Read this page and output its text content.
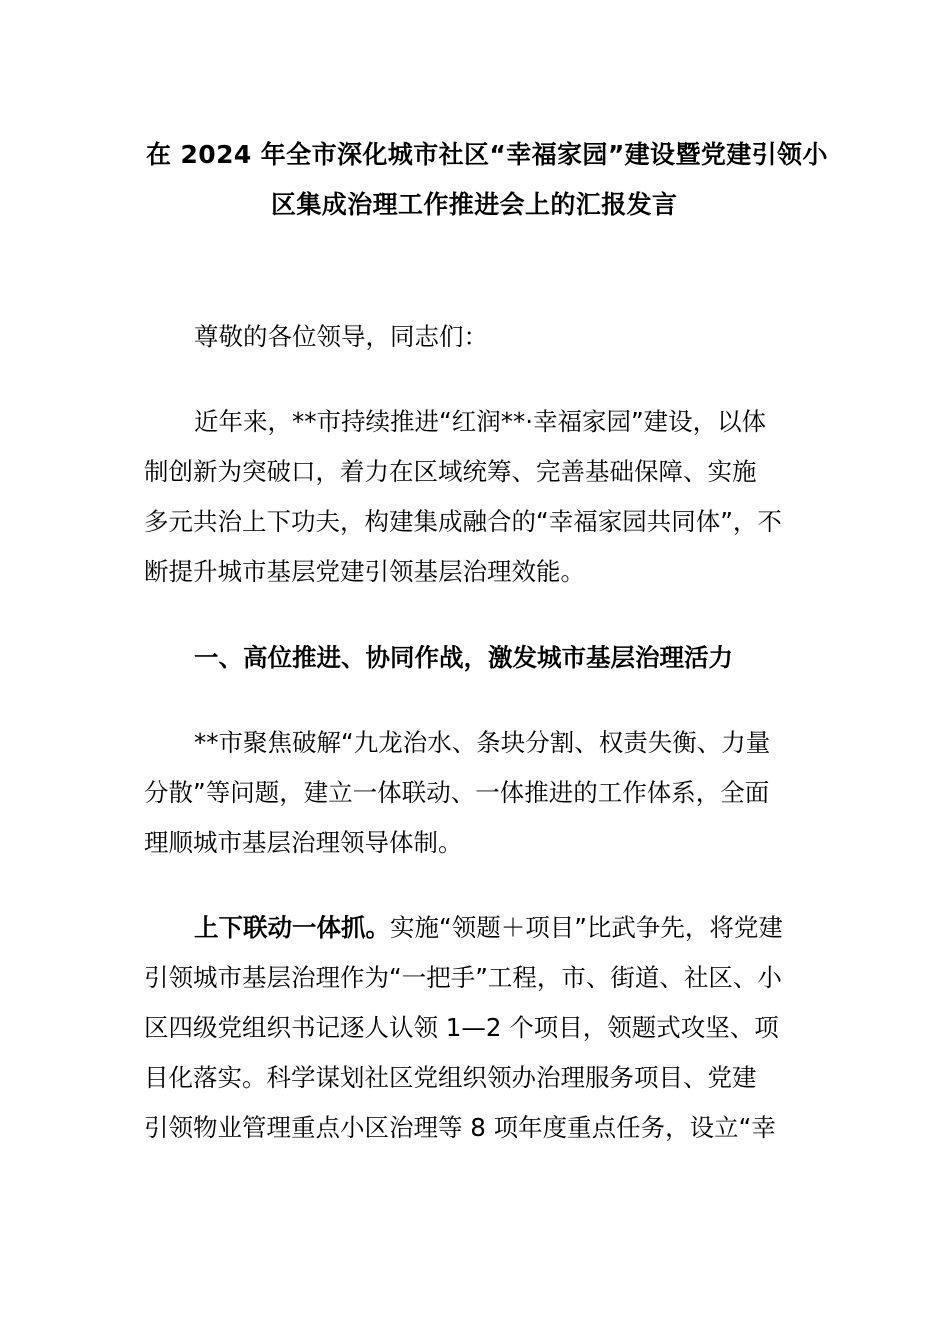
在 2024 年全市深化城市社区“幸福家园”建设暨党建引领小
区集成治理工作推进会上的汇报发言
尊敬的各位领导，同志们：
近年来，**市持续推进“红润**·幸福家园”建设，以体
制创新为突破口，着力在区域统筹、完善基础保障、实施
多元共治上下功夫，构建集成融合的“幸福家园共同体”，不
断提升城市基层党建引领基层治理效能。
一、高位推进、协同作战，激发城市基层治理活力
**市聚焦破解“九龙治水、条块分割、权责失衡、力量
分散”等问题，建立一体联动、一体推进的工作体系，全面
理顺城市基层治理领导体制。
上下联动一体抓。实施“领题＋项目”比武争先，将党建
引领城市基层治理作为“一把手”工程，市、街道、社区、小
区四级党组织书记逐人认领 1—2 个项目，领题式攻坚、项
目化落实。科学谋划社区党组织领办治理服务项目、党建
引领物业管理重点小区治理等 8 项年度重点任务，设立“幸
